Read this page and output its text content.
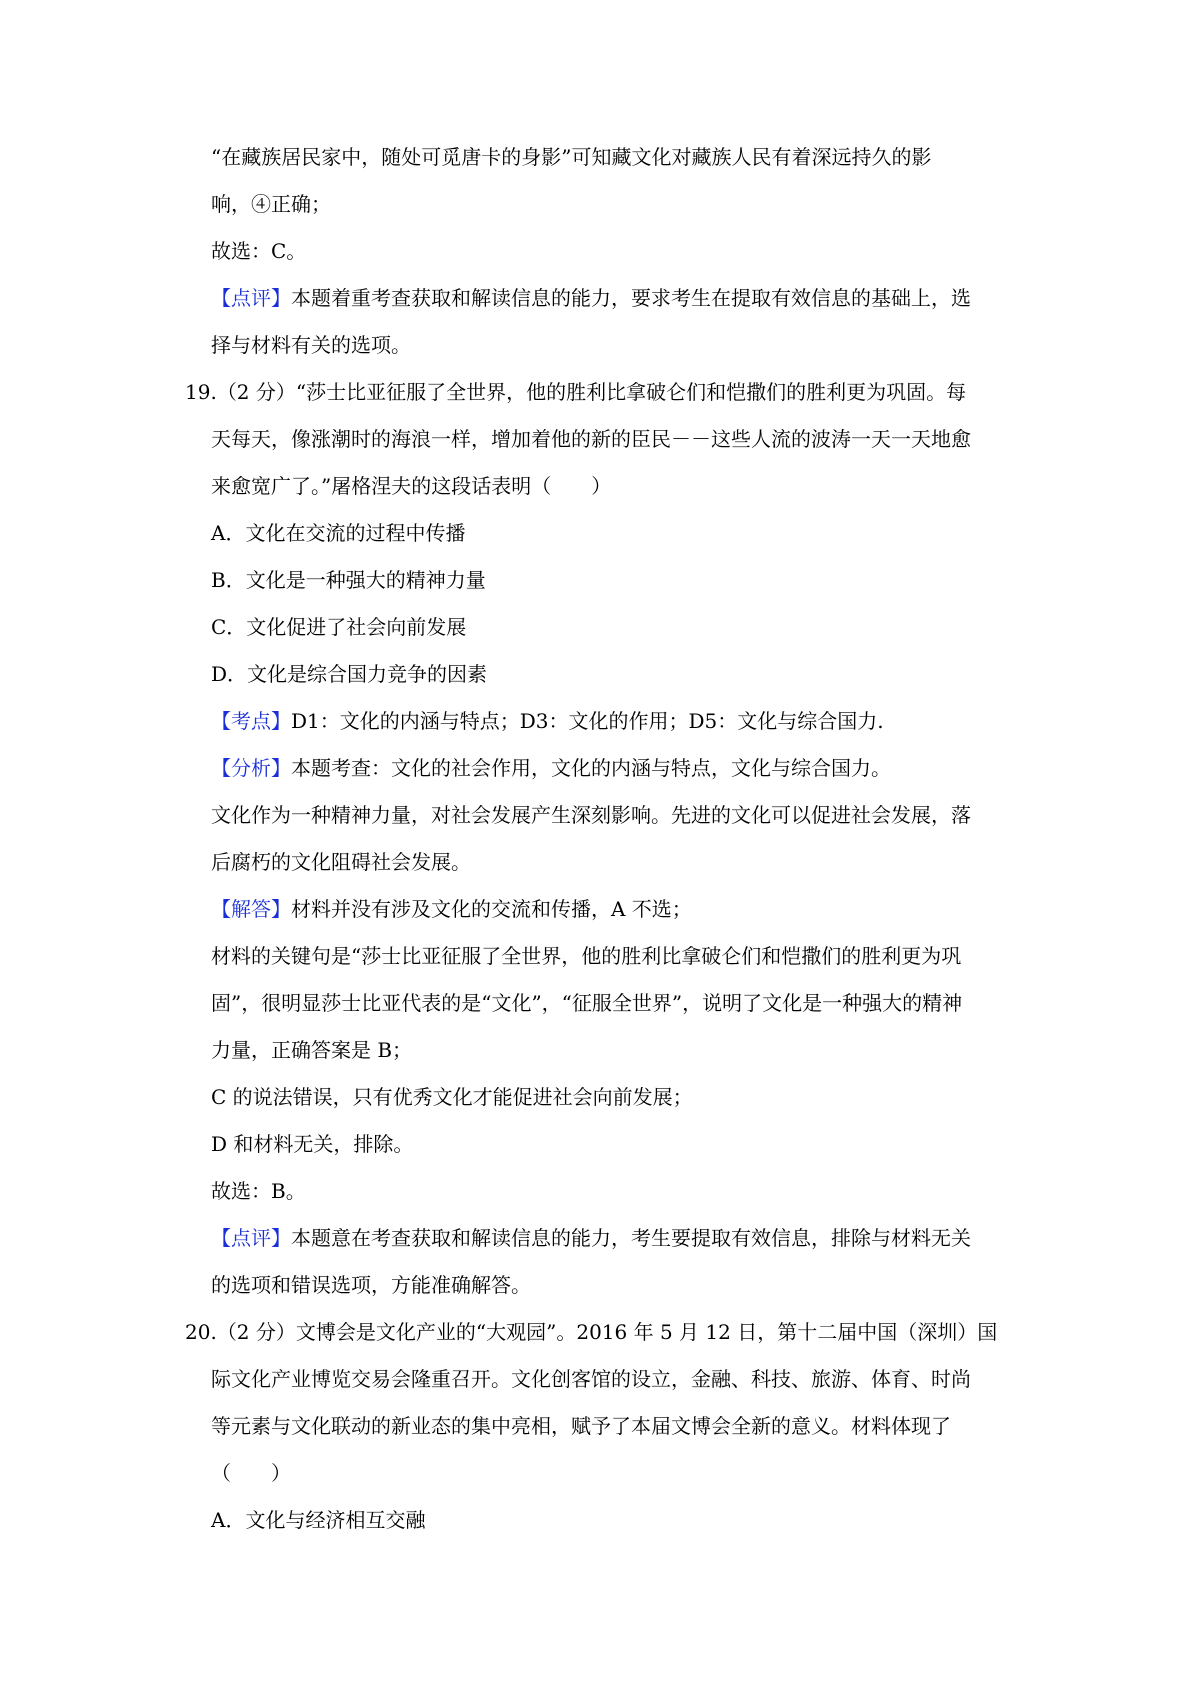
“在藏族居民家中，随处可觅唐卡的身影”可知藏文化对藏族人民有着深远持久的影
响，④正确；
故选：C。
【点评】本题着重考查获取和解读信息的能力，要求考生在提取有效信息的基础上，选
择与材料有关的选项。
19.（2 分）“莎士比亚征服了全世界，他的胜利比拿破仑们和恺撒们的胜利更为巩固。每
天每天，像涨潮时的海浪一样，增加着他的新的臣民－－这些人流的波涛一天一天地愈
来愈宽广了。”屠格涅夫的这段话表明（　　）
A．文化在交流的过程中传播
B．文化是一种强大的精神力量
C．文化促进了社会向前发展
D．文化是综合国力竞争的因素
【考点】D1：文化的内涵与特点；D3：文化的作用；D5：文化与综合国力.
【分析】本题考查：文化的社会作用，文化的内涵与特点，文化与综合国力。
文化作为一种精神力量，对社会发展产生深刻影响。先进的文化可以促进社会发展，落
后腐朽的文化阻碍社会发展。
【解答】材料并没有涉及文化的交流和传播，A 不选；
材料的关键句是“莎士比亚征服了全世界，他的胜利比拿破仑们和恺撒们的胜利更为巩
固”，很明显莎士比亚代表的是“文化”，“征服全世界”，说明了文化是一种强大的精神
力量，正确答案是 B；
C 的说法错误，只有优秀文化才能促进社会向前发展；
D 和材料无关，排除。
故选：B。
【点评】本题意在考查获取和解读信息的能力，考生要提取有效信息，排除与材料无关
的选项和错误选项，方能准确解答。
20.（2 分）文博会是文化产业的“大观园”。2016 年 5 月 12 日，第十二届中国（深圳）国
际文化产业博览交易会隆重召开。文化创客馆的设立，金融、科技、旅游、体育、时尚
等元素与文化联动的新业态的集中亮相，赋予了本届文博会全新的意义。材料体现了
（　　）
A．文化与经济相互交融
